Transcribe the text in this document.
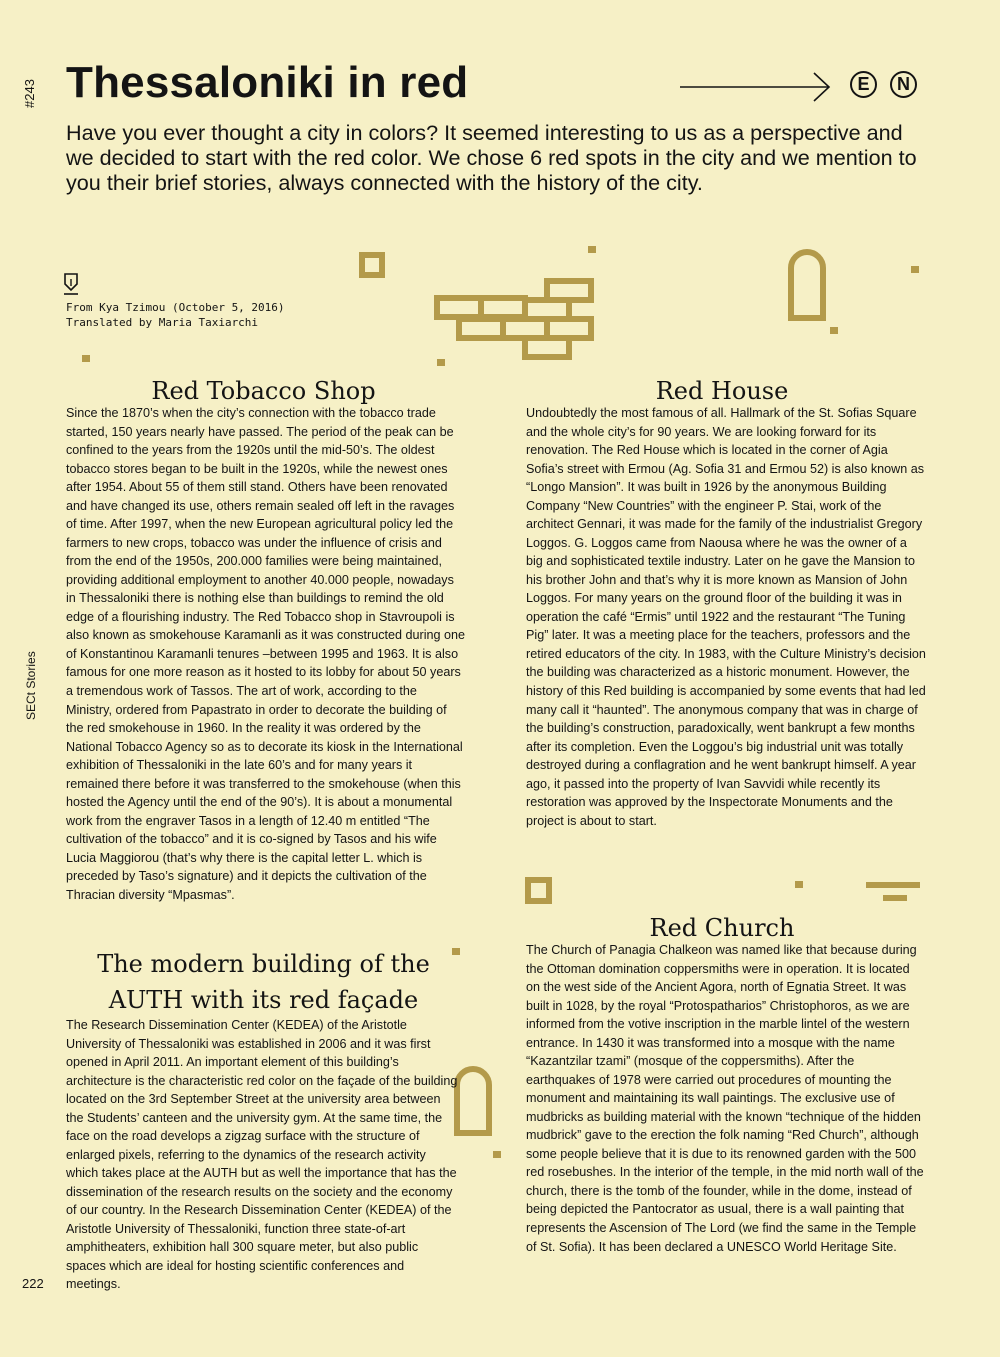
#243
SECt Stories
222
Thessaloniki in red	E	N

Have you ever thought a city in colors? It seemed interesting to us as a perspective and we decided to start with the red color. We chose 6 red spots in the city and we mention to you their brief stories, always connected with the history of the city.

From Kya Tzimou (October 5, 2016)
Translated by Maria Taxiarchi
Red Tobacco Shop

Since the 1870’s when the city’s connection with the tobacco trade started, 150 years nearly have passed. The period of the peak can be confined to the years from the 1920s until the mid-50’s. The oldest tobacco stores began to be built in the 1920s, while the newest ones after 1954. About 55 of them still stand. Others have been renovated and have changed its use, others remain sealed off left in the ravages of time. After 1997, when the new European agricultural policy led the farmers to new crops, tobacco was under the influence of crisis and from the end of the 1950s, 200.000 families were being maintained, providing additional employment to another 40.000 people, nowadays in Thessaloniki there is nothing else than buildings to remind the old edge of a flourishing industry. The Red Tobacco shop in Stavroupoli is also known as smokehouse Karamanli as it was constructed during one of Konstantinou Karamanli tenures –between 1995 and 1963. It is also famous for one more reason as it hosted to its lobby for about 50 years a tremendous work of Tassos. The art of work, according to the Ministry, ordered from Papastrato in order to decorate the building of the red smokehouse in 1960. In the reality it was ordered by the National Tobacco Agency so as to decorate its kiosk in the International exhibition of Thessaloniki in the late 60’s and for many years it remained there before it was transferred to the smokehouse (when this hosted the Agency until the end of the 90’s). It is about a monumental work from the engraver Tasos in a length of 12.40 m entitled “The cultivation of the tobacco” and it is co-signed by Tasos and his wife Lucia Maggiorou (that’s why there is the capital letter L. which is preceded by Taso’s signature) and it depicts the cultivation of the Thracian diversity “Mpasmas”.

Red House

Undoubtedly the most famous of all. Hallmark of the St. Sofias Square and the whole city’s for 90 years. We are looking forward for its renovation. The Red House which is located in the corner of Agia Sofia’s street with Ermou (Ag. Sofia 31 and Ermou 52) is also known as “Longo Mansion”. It was built in 1926 by the anonymous Building Company “New Countries” with the engineer P. Stai, work of the architect Gennari, it was made for the family of the industrialist Gregory Loggos. G. Loggos came from Naousa where he was the owner of a big and sophisticated textile industry. Later on he gave the Mansion to his brother John and that’s why it is more known as Mansion of John Loggos. For many years on the ground floor of the building it was in operation the café “Ermis” until 1922 and the restaurant “The Tuning Pig” later. It was a meeting place for the teachers, professors and the retired educators of the city. In 1983, with the Culture Ministry’s decision the building was characterized as a historic monument. However, the history of this Red building is accompanied by some events that had led many call it “haunted”. The anonymous company that was in charge of the building’s construction, paradoxically, went bankrupt a few months after its completion. Even the Loggou’s big industrial unit was totally destroyed during a conflagration and he went bankrupt himself. A year ago, it passed into the property of Ivan Savvidi while recently its restoration was approved by the Inspectorate Monuments and the project is about to start.

The modern building of the AUTH with its red façade

The Research Dissemination Center (KEDEA) of the Aristotle University of Thessaloniki was established in 2006 and it was first opened in April 2011. An important element of this building’s architecture is the characteristic red color on the façade of the building located on the 3rd September Street at the university area between the Students’ canteen and the university gym. At the same time, the face on the road develops a zigzag surface with the structure of enlarged pixels, referring to the dynamics of the research activity which takes place at the AUTH but as well the importance that has the dissemination of the research results on the society and the economy of our country. In the Research Dissemination Center (KEDEA) of the Aristotle University of Thessaloniki, function three state-of-art amphitheaters, exhibition hall 300 square meter, but also public spaces which are ideal for hosting scientific conferences and meetings.

Red Church

The Church of Panagia Chalkeon was named like that because during the Ottoman domination coppersmiths were in operation. It is located on the west side of the Ancient Agora, north of Egnatia Street. It was built in 1028, by the royal “Protospatharios” Christophoros, as we are informed from the votive inscription in the marble lintel of the western entrance. In 1430 it was transformed into a mosque with the name “Kazantzilar tzami” (mosque of the coppersmiths). After the earthquakes of 1978 were carried out procedures of mounting the monument and maintaining its wall paintings. The exclusive use of mudbricks as building material with the known “technique of the hidden mudbrick” gave to the erection the folk naming “Red Church”, although some people believe that it is due to its renowned garden with the 500 red rosebushes. In the interior of the temple, in the mid north wall of the church, there is the tomb of the founder, while in the dome, instead of being depicted the Pantocrator as usual, there is a wall painting that represents the Ascension of The Lord (we find the same in the Temple of St. Sofia). It has been declared a UNESCO World Heritage Site.
